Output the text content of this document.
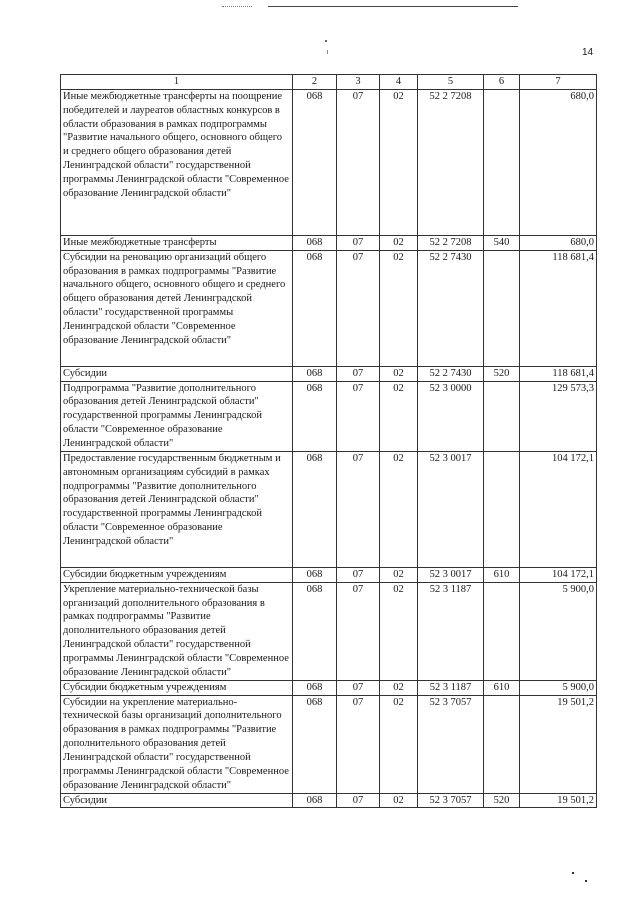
14
1	2	3	4	5	6	7
Иные межбюджетные трансферты на поощрение победителей и лауреатов областных конкурсов в области образования в рамках подпрограммы "Развитие начального общего, основного общего и среднего общего образования детей Ленинградской области" государственной программы Ленинградской области "Современное образование Ленинградской области"	068	07	02	52 2 7208		680,0
Иные межбюджетные трансферты	068	07	02	52 2 7208	540	680,0
Субсидии на реновацию организаций общего образования в рамках подпрограммы "Развитие начального общего, основного общего и среднего общего образования детей Ленинградской области" государственной программы Ленинградской области "Современное образование Ленинградской области"	068	07	02	52 2 7430		118 681,4
Субсидии	068	07	02	52 2 7430	520	118 681,4
Подпрограмма "Развитие дополнительного образования детей Ленинградской области" государственной программы Ленинградской области "Современное образование Ленинградской области"	068	07	02	52 3 0000		129 573,3
Предоставление государственным бюджетным и автономным организациям субсидий в рамках подпрограммы "Развитие дополнительного образования детей Ленинградской области" государственной программы Ленинградской области "Современное образование Ленинградской области"	068	07	02	52 3 0017		104 172,1
Субсидии бюджетным учреждениям	068	07	02	52 3 0017	610	104 172,1
Укрепление материально-технической базы организаций дополнительного образования в рамках подпрограммы "Развитие дополнительного образования детей Ленинградской области" государственной программы Ленинградской области "Современное образование Ленинградской области"	068	07	02	52 3 1187		5 900,0
Субсидии бюджетным учреждениям	068	07	02	52 3 1187	610	5 900,0
Субсидии на укрепление материально-технической базы организаций дополнительного образования в рамках подпрограммы "Развитие дополнительного образования детей Ленинградской области" государственной программы Ленинградской области "Современное образование Ленинградской области"	068	07	02	52 3 7057		19 501,2
Субсидии	068	07	02	52 3 7057	520	19 501,2
